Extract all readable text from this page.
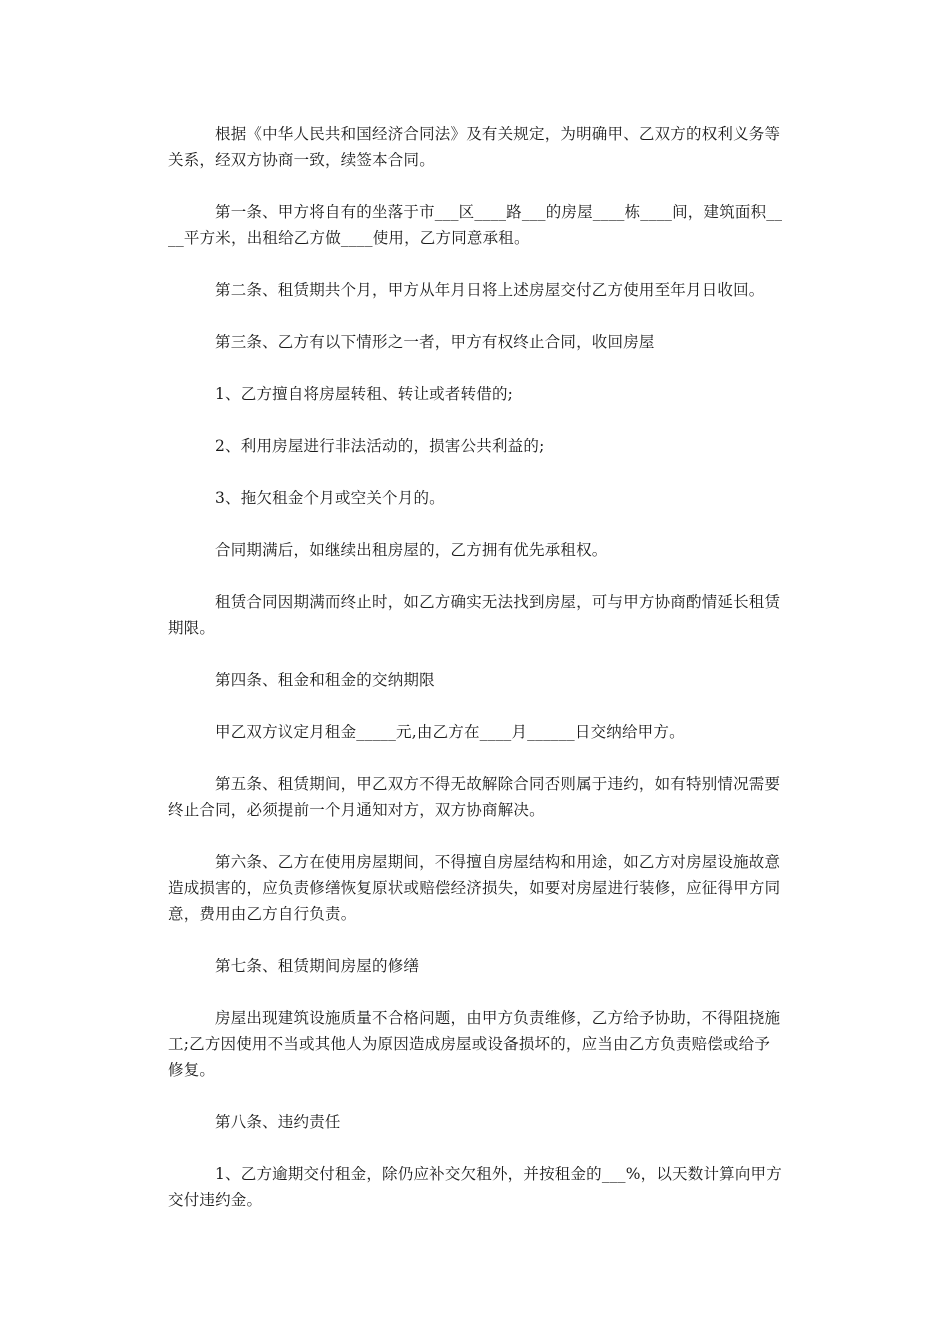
根据《中华人民共和国经济合同法》及有关规定，为明确甲、乙双方的权利义务等关系，经双方协商一致，续签本合同。

第一条、甲方将自有的坐落于市___区____路___的房屋____栋____间，建筑面积____平方米，出租给乙方做____使用，乙方同意承租。

第二条、租赁期共个月，甲方从年月日将上述房屋交付乙方使用至年月日收回。

第三条、乙方有以下情形之一者，甲方有权终止合同，收回房屋

1、乙方擅自将房屋转租、转让或者转借的;

2、利用房屋进行非法活动的，损害公共利益的;

3、拖欠租金个月或空关个月的。

合同期满后，如继续出租房屋的，乙方拥有优先承租权。

租赁合同因期满而终止时，如乙方确实无法找到房屋，可与甲方协商酌情延长租赁期限。

第四条、租金和租金的交纳期限

甲乙双方议定月租金_____元,由乙方在____月______日交纳给甲方。

第五条、租赁期间，甲乙双方不得无故解除合同否则属于违约，如有特别情况需要终止合同，必须提前一个月通知对方，双方协商解决。

第六条、乙方在使用房屋期间，不得擅自房屋结构和用途，如乙方对房屋设施故意造成损害的，应负责修缮恢复原状或赔偿经济损失，如要对房屋进行装修，应征得甲方同意，费用由乙方自行负责。

第七条、租赁期间房屋的修缮

房屋出现建筑设施质量不合格问题，由甲方负责维修，乙方给予协助，不得阻挠施工;乙方因使用不当或其他人为原因造成房屋或设备损坏的，应当由乙方负责赔偿或给予修复。

第八条、违约责任

1、乙方逾期交付租金，除仍应补交欠租外，并按租金的___%，以天数计算向甲方交付违约金。
